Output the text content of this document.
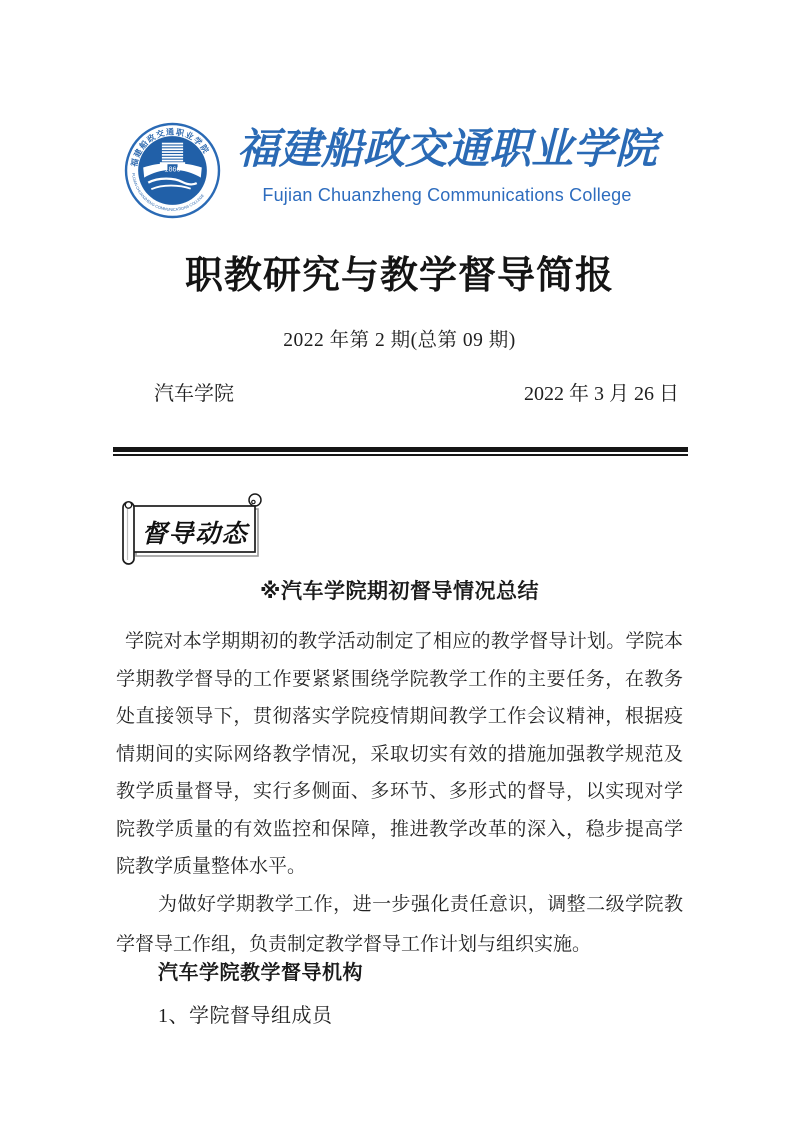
福建船政交通职业学院
FUJIAN CHUANZHENG COMMUNICATIONS COLLEGE
1866 福建船政交通职业学院
Fujian Chuanzheng Communications College
职教研究与教学督导简报
2022 年第 2 期(总第 09 期)
汽车学院	2022 年 3 月 26 日
督导动态
※汽车学院期初督导情况总结

学院对本学期期初的教学活动制定了相应的教学督导计划。学院本学期教学督导的工作要紧紧围绕学院教学工作的主要任务，在教务处直接领导下，贯彻落实学院疫情期间教学工作会议精神，根据疫情期间的实际网络教学情况，采取切实有效的措施加强教学规范及教学质量督导，实行多侧面、多环节、多形式的督导，以实现对学院教学质量的有效监控和保障，推进教学改革的深入，稳步提高学院教学质量整体水平。

为做好学期教学工作，进一步强化责任意识，调整二级学院教学督导工作组，负责制定教学督导工作计划与组织实施。

汽车学院教学督导机构
1、学院督导组成员
